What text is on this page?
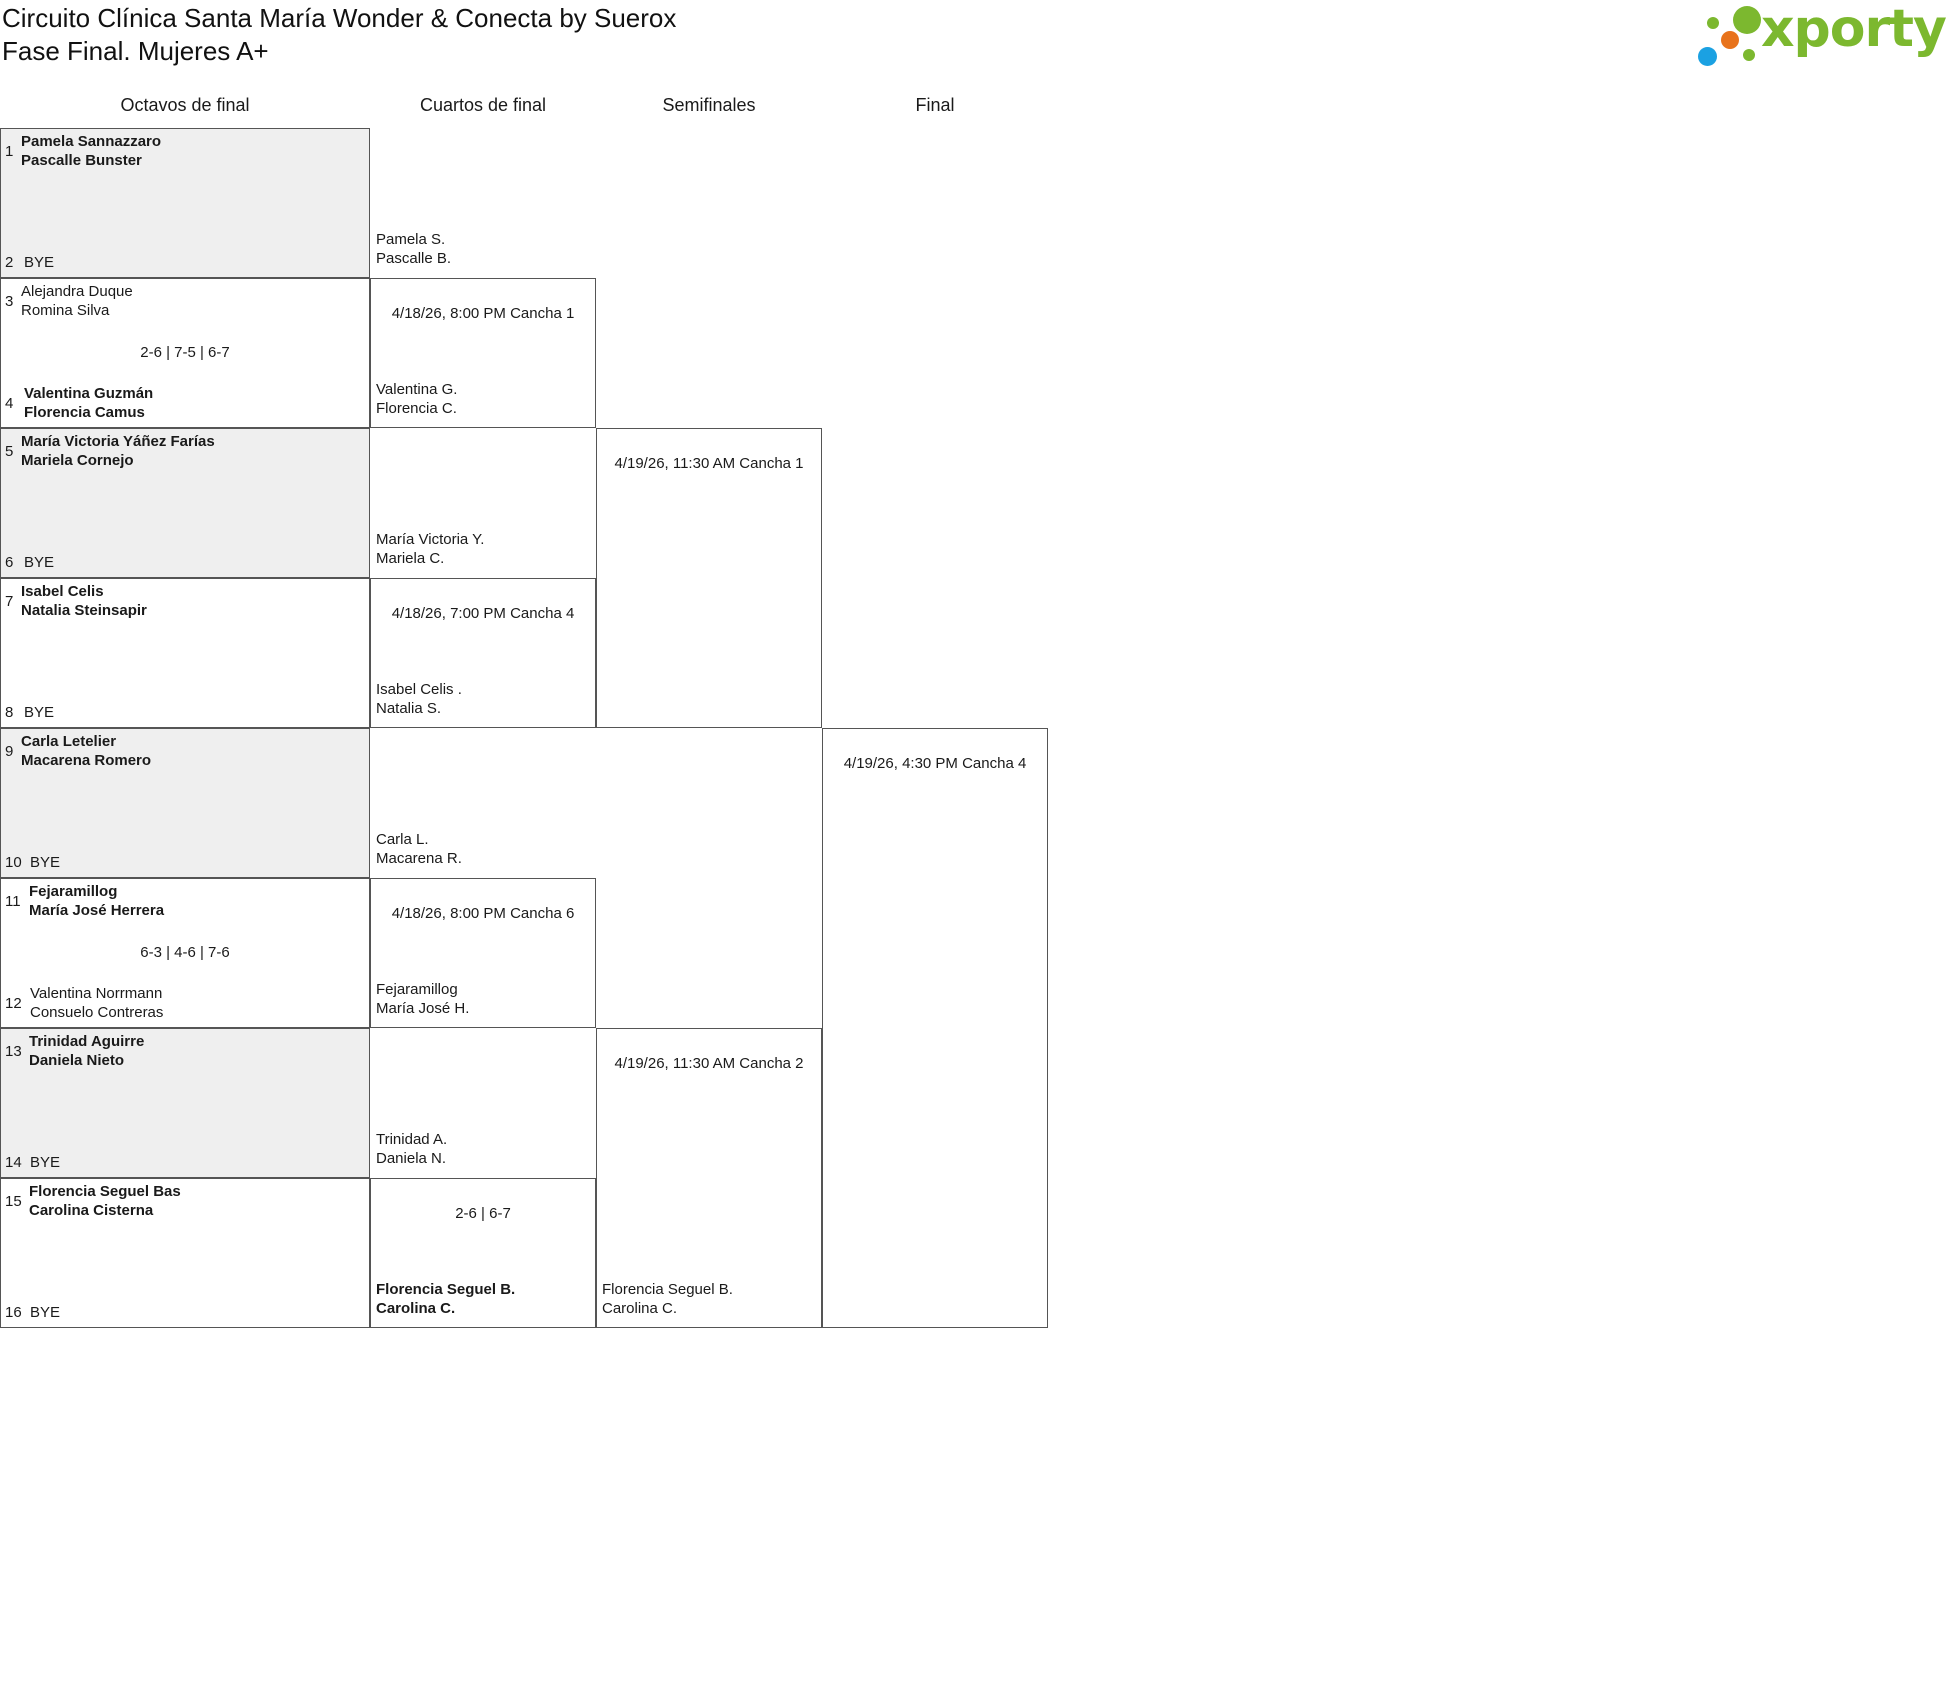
Circuito Clínica Santa María Wonder & Conecta by Suerox
Fase Final. Mujeres A+	xporty
Octavos de final	Cuartos de final	Semifinales	Final
1
Pamela Sannazzaro
Pascalle Bunster
2 BYE
3
Alejandra Duque
Romina Silva
4
Valentina Guzmán
Florencia Camus
2-6 | 7-5 | 6-7
5
María Victoria Yáñez Farías
Mariela Cornejo
6 BYE
7
Isabel Celis
Natalia Steinsapir
8 BYE
9
Carla Letelier
Macarena Romero
10 BYE
11
Fejaramillog
María José Herrera
12
Valentina Norrmann
Consuelo Contreras
6-3 | 4-6 | 7-6
13
Trinidad Aguirre
Daniela Nieto
14 BYE
15
Florencia Seguel Bas
Carolina Cisterna
16 BYE
Pamela S.
Pascalle B.
Valentina G.
Florencia C.
4/18/26, 8:00 PM Cancha 1
María Victoria Y.
Mariela C.
Isabel Celis .
Natalia S.
4/18/26, 7:00 PM Cancha 4
Carla L.
Macarena R.
Fejaramillog
María José H.
4/18/26, 8:00 PM Cancha 6
Trinidad A.
Daniela N.
Florencia Seguel B.
Carolina C.
2-6 | 6-7
4/19/26, 11:30 AM Cancha 1
Florencia Seguel B.
Carolina C.
4/19/26, 11:30 AM Cancha 2
4/19/26, 4:30 PM Cancha 4
